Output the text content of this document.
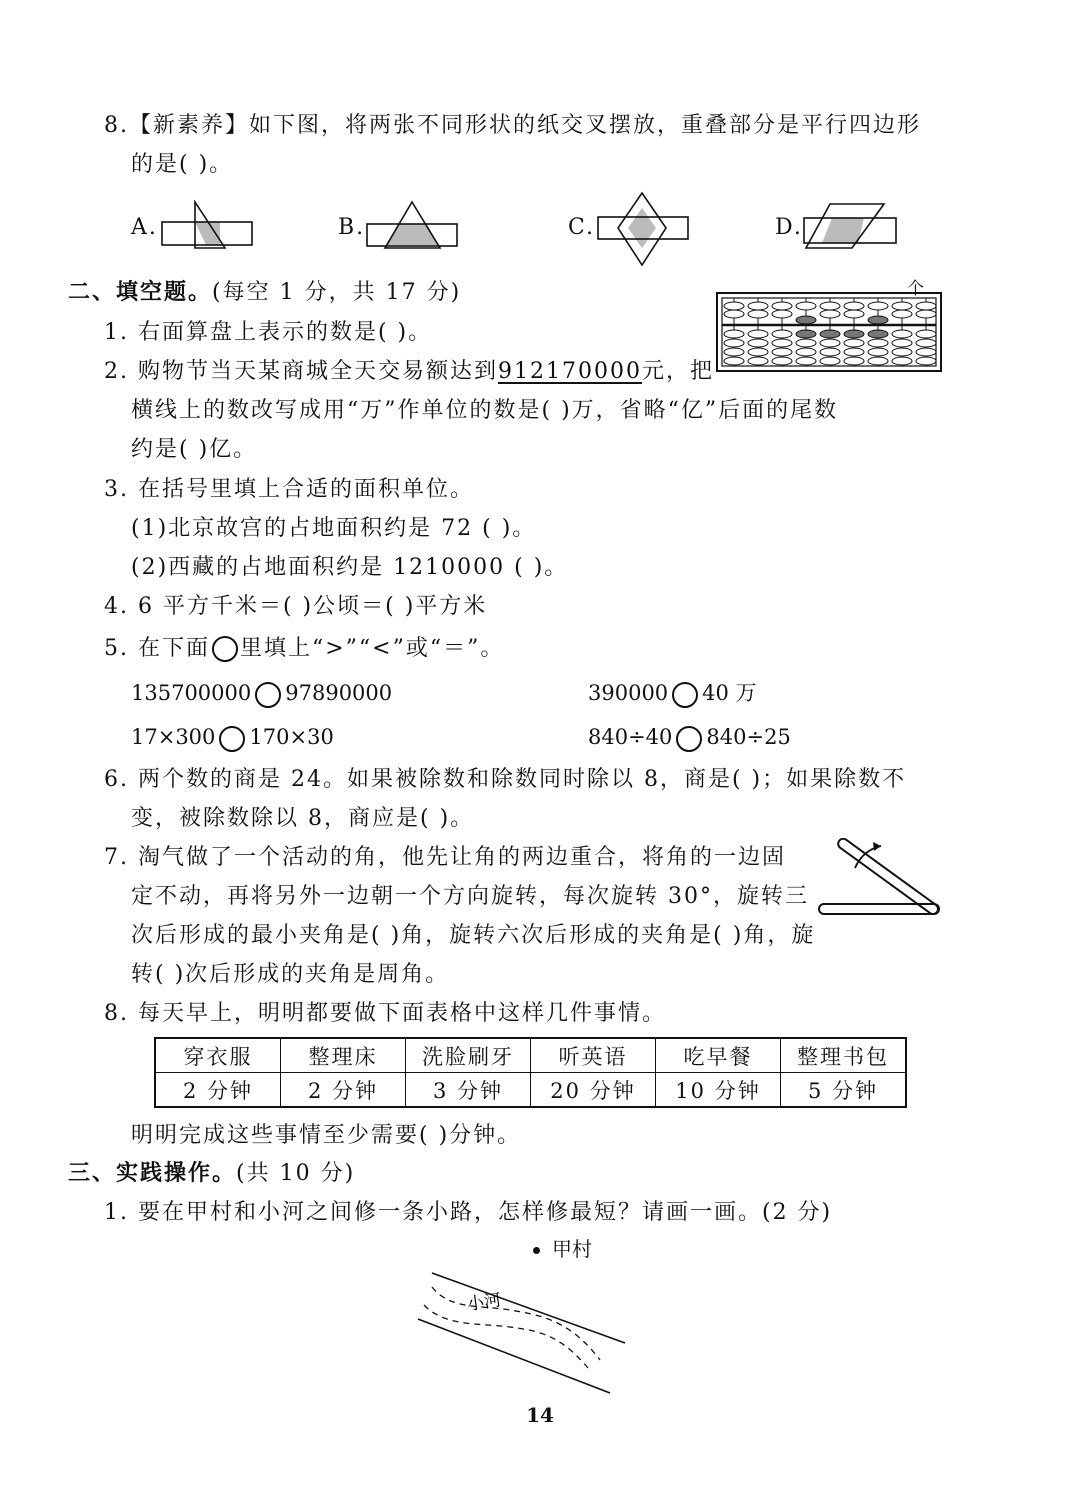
8.【新素养】如下图，将两张不同形状的纸交叉摆放，重叠部分是平行四边形
的是( )。
A.	B.	C.	D.
二、填空题。(每空 1 分，共 17 分)	个
1. 右面算盘上表示的数是( )。
2. 购物节当天某商城全天交易额达到912170000元，把
横线上的数改写成用“万”作单位的数是( )万，省略“亿”后面的尾数
约是( )亿。
3. 在括号里填上合适的面积单位。
(1)北京故宫的占地面积约是 72 ( )。
(2)西藏的占地面积约是 1210000 ( )。
4. 6 平方千米＝( )公顷＝( )平方米
5. 在下面 里填上“>”“<”或“＝”。
135700000 97890000	390000 40 万
17×300 170×30	840÷40 840÷25
6. 两个数的商是 24。如果被除数和除数同时除以 8，商是( )；如果除数不
变，被除数除以 8，商应是( )。
7. 淘气做了一个活动的角，他先让角的两边重合，将角的一边固
定不动，再将另外一边朝一个方向旋转，每次旋转 30°，旋转三
次后形成的最小夹角是( )角，旋转六次后形成的夹角是( )角，旋
转( )次后形成的夹角是周角。
8. 每天早上，明明都要做下面表格中这样几件事情。
穿衣服	整理床	洗脸刷牙	听英语	吃早餐	整理书包
2 分钟	2 分钟	3 分钟	20 分钟	10 分钟	5 分钟
明明完成这些事情至少需要( )分钟。
三、实践操作。(共 10 分)
1. 要在甲村和小河之间修一条小路，怎样修最短？请画一画。(2 分)
甲村
小河
14
